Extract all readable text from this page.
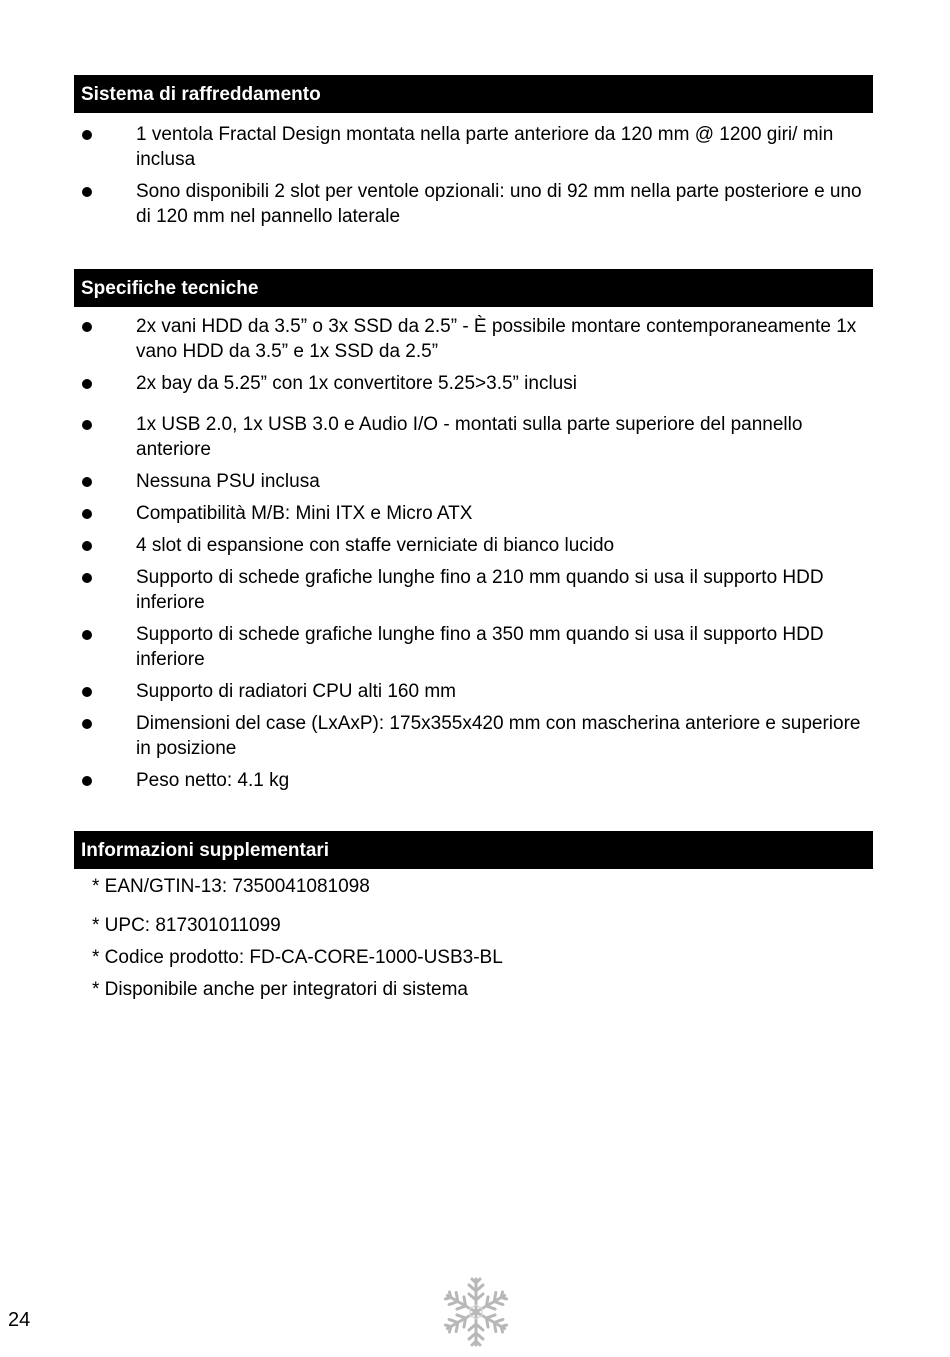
Sistema di raffreddamento
1 ventola Fractal Design montata nella parte anteriore da 120 mm @ 1200 giri/ min inclusa
Sono disponibili 2 slot per ventole opzionali: uno di 92 mm nella parte posteriore e uno di 120 mm nel pannello laterale
Specifiche tecniche
2x vani HDD da 3.5” o 3x SSD da 2.5” - È possibile montare contemporaneamente 1x vano HDD da 3.5” e 1x SSD da 2.5”
2x bay da 5.25” con 1x convertitore 5.25>3.5” inclusi
1x USB 2.0, 1x USB 3.0 e Audio I/O - montati sulla parte superiore del pannello anteriore
Nessuna PSU inclusa
Compatibilità M/B: Mini ITX e Micro ATX
4 slot di espansione con staffe verniciate di bianco lucido
Supporto di schede grafiche lunghe fino a 210 mm quando si usa il supporto HDD inferiore
Supporto di schede grafiche lunghe fino a 350 mm quando si usa il supporto HDD inferiore
Supporto di radiatori CPU alti 160 mm
Dimensioni del case (LxAxP): 175x355x420 mm con mascherina anteriore e superiore in posizione
Peso netto: 4.1 kg
Informazioni supplementari
* EAN/GTIN-13: 7350041081098
* UPC: 817301011099
* Codice prodotto: FD-CA-CORE-1000-USB3-BL
* Disponibile anche per integratori di sistema
24
